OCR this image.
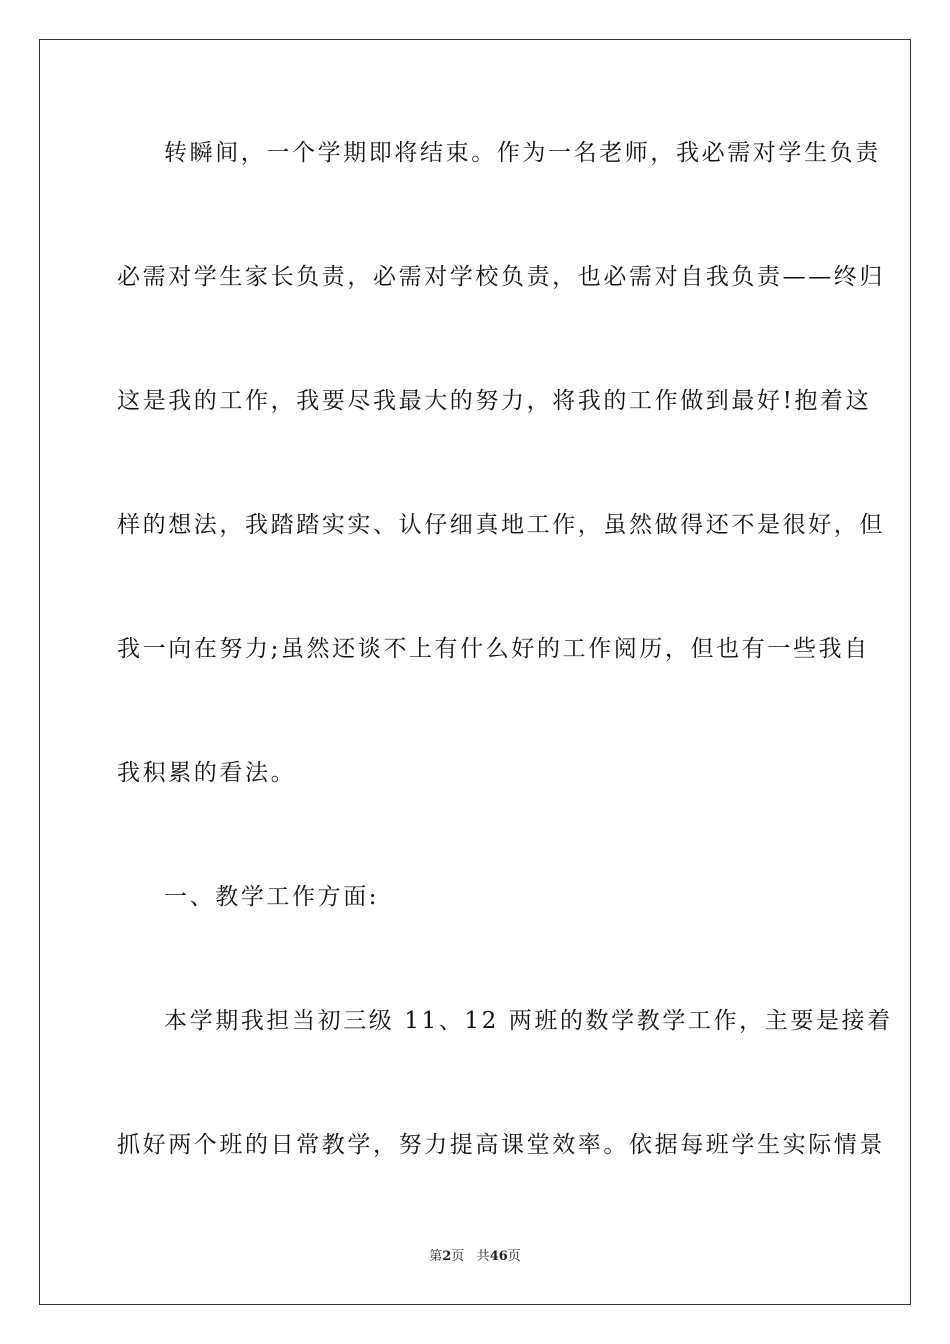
转瞬间，一个学期即将结束。作为一名老师，我必需对学生负责
必需对学生家长负责，必需对学校负责，也必需对自我负责——终归
这是我的工作，我要尽我最大的努力，将我的工作做到最好!抱着这
样的想法，我踏踏实实、认仔细真地工作，虽然做得还不是很好，但
我一向在努力;虽然还谈不上有什么好的工作阅历，但也有一些我自
我积累的看法。
一、教学工作方面:
本学期我担当初三级 11、12 两班的数学教学工作，主要是接着
抓好两个班的日常教学，努力提高课堂效率。依据每班学生实际情景
第2页 共46页
